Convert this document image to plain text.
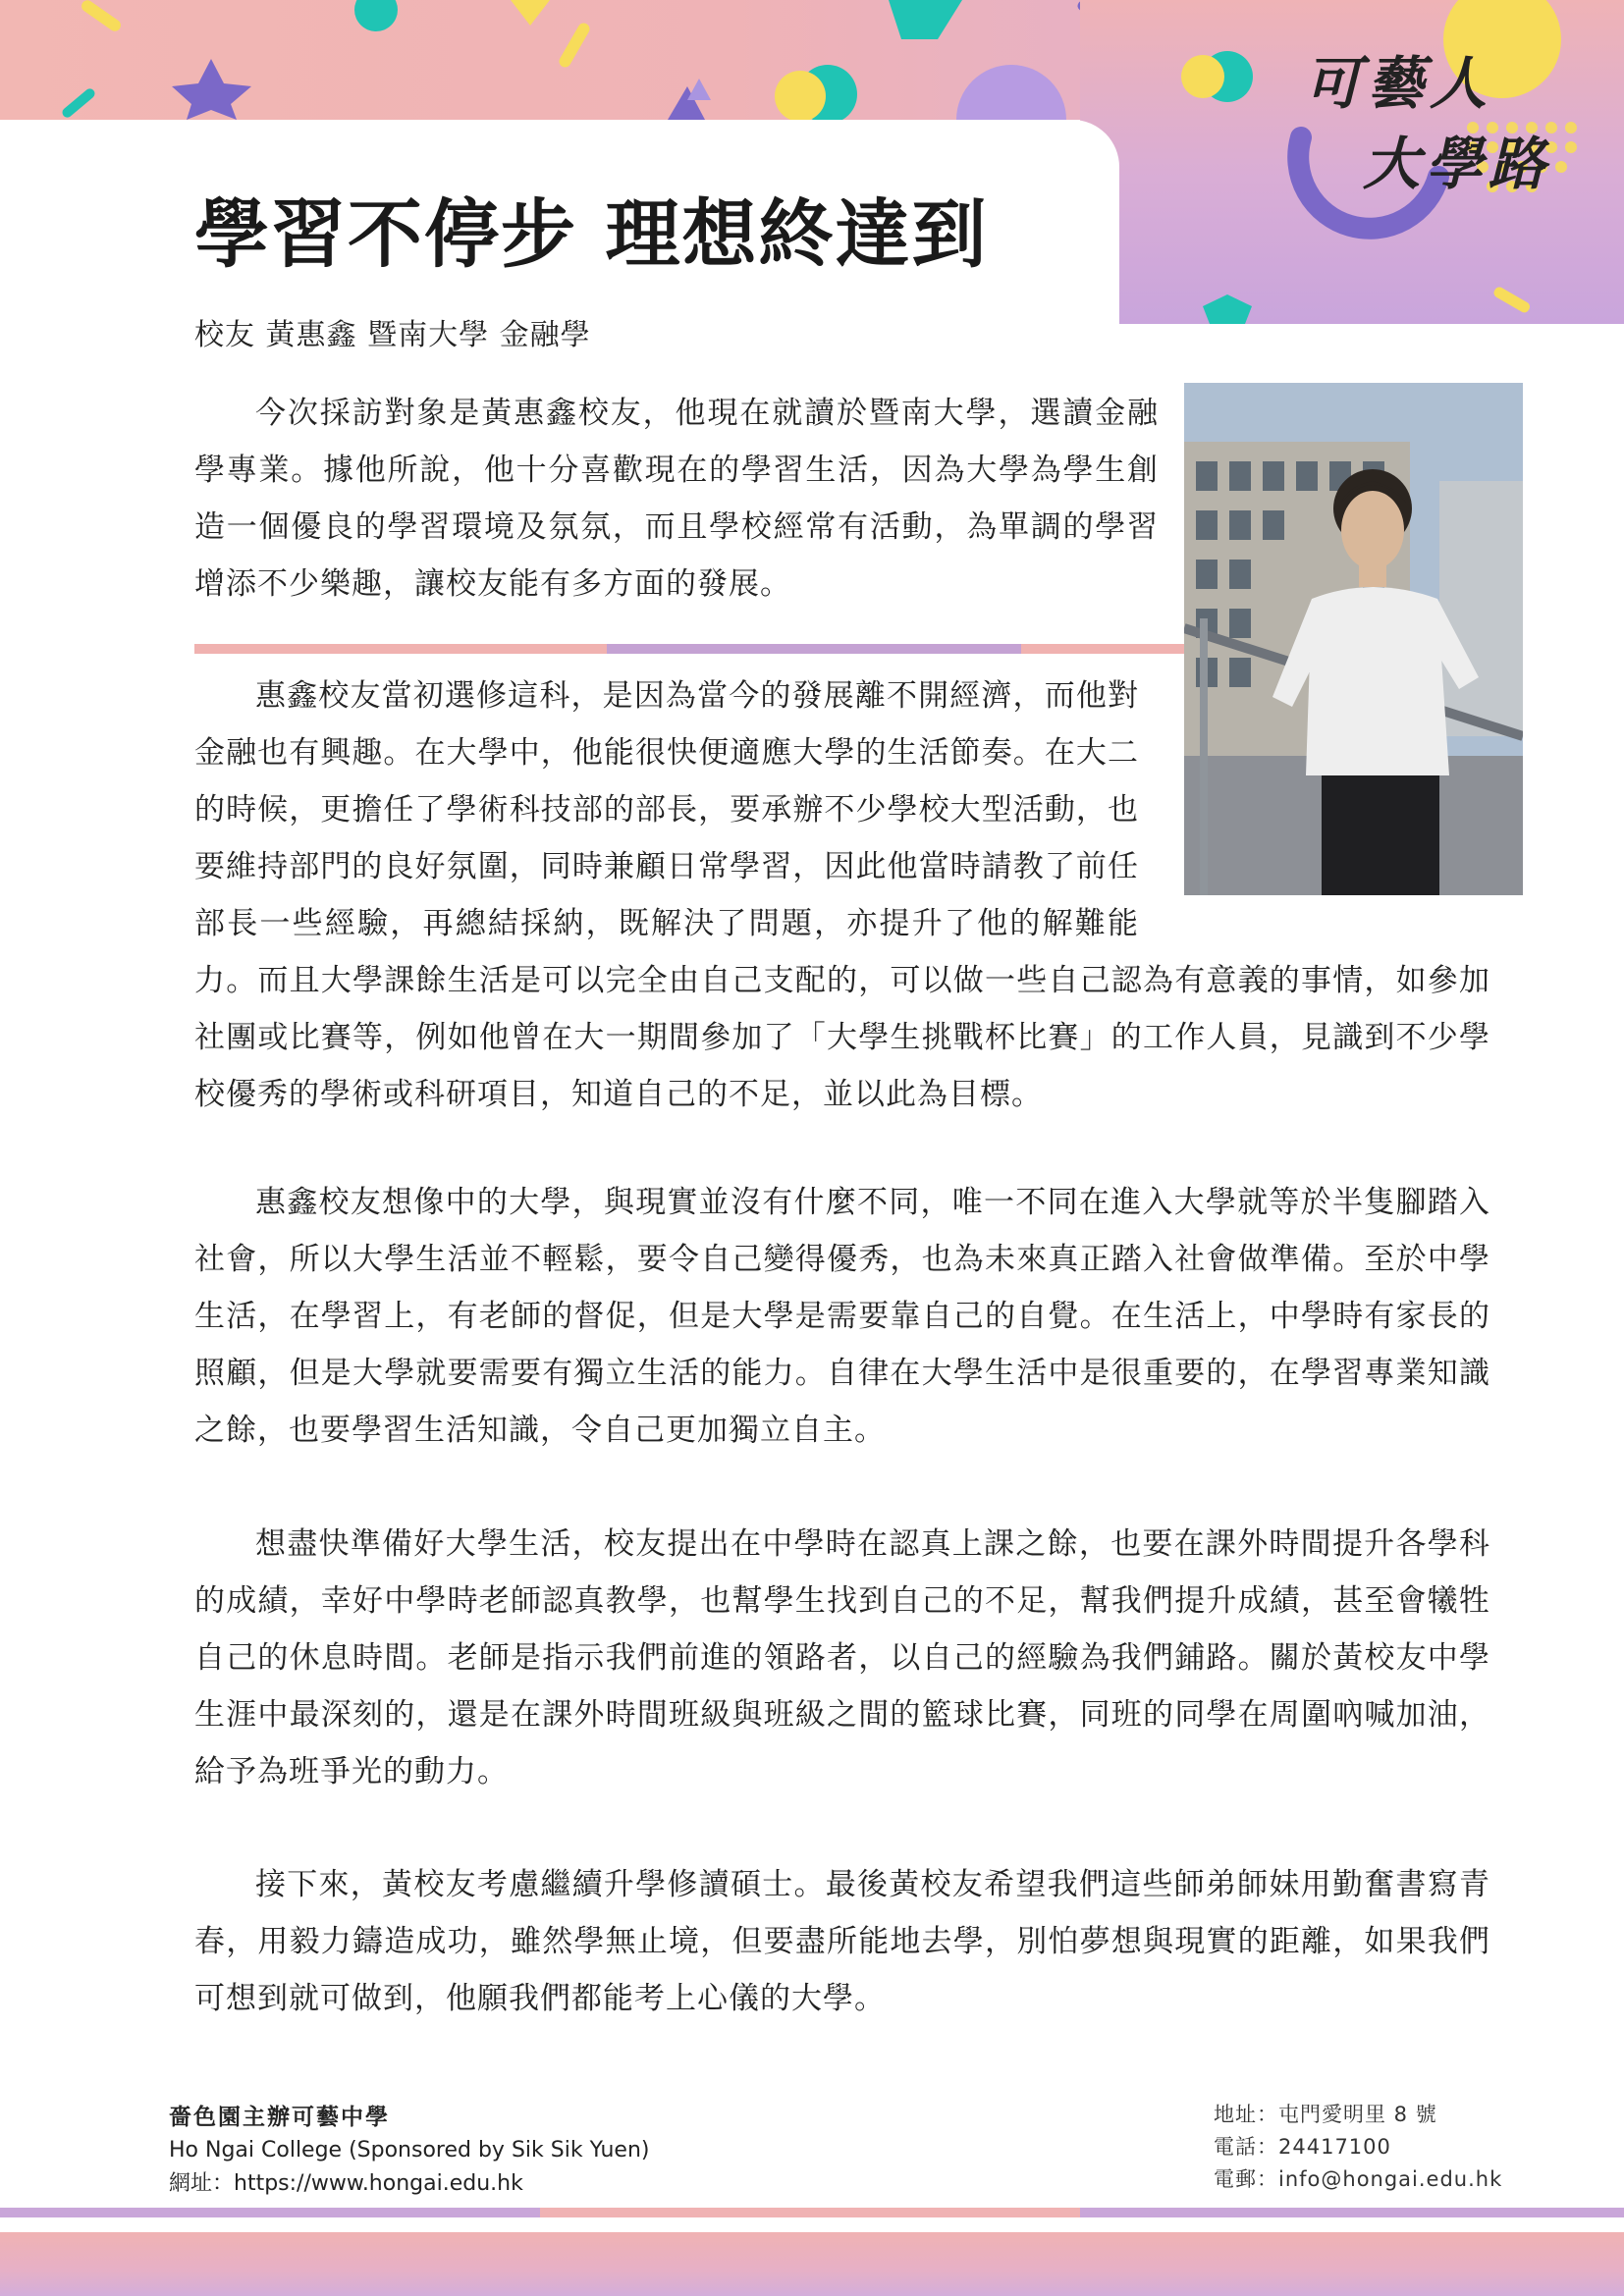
可藝人
大學路
學習不停步 理想終達到
校友 黃惠鑫 暨南大學 金融學

今次採訪對象是黃惠鑫校友，他現在就讀於暨南大學，選讀金融學專業。據他所說，他十分喜歡現在的學習生活，因為大學為學生創造一個優良的學習環境及氛氛，而且學校經常有活動，為單調的學習增添不少樂趣，讓校友能有多方面的發展。

惠鑫校友當初選修這科，是因為當今的發展離不開經濟，而他對金融也有興趣。在大學中，他能很快便適應大學的生活節奏。在大二的時候，更擔任了學術科技部的部長，要承辦不少學校大型活動，也要維持部門的良好氛圍，同時兼顧日常學習，因此他當時請教了前任部長一些經驗，再總結採納，既解決了問題，亦提升了他的解難能力。而且大學課餘生活是可以完全由自己支配的，可以做一些自己認為有意義的事情，如參加社團或比賽等，例如他曾在大一期間參加了「大學生挑戰杯比賽」的工作人員，見識到不少學校優秀的學術或科研項目，知道自己的不足，並以此為目標。

惠鑫校友想像中的大學，與現實並沒有什麼不同，唯一不同在進入大學就等於半隻腳踏入社會，所以大學生活並不輕鬆，要令自己變得優秀，也為未來真正踏入社會做準備。至於中學生活，在學習上，有老師的督促，但是大學是需要靠自己的自覺。在生活上，中學時有家長的照顧，但是大學就要需要有獨立生活的能力。自律在大學生活中是很重要的，在學習專業知識之餘，也要學習生活知識，令自己更加獨立自主。

想盡快準備好大學生活，校友提出在中學時在認真上課之餘，也要在課外時間提升各學科的成績，幸好中學時老師認真教學，也幫學生找到自己的不足，幫我們提升成績，甚至會犧牲自己的休息時間。老師是指示我們前進的領路者，以自己的經驗為我們鋪路。關於黃校友中學生涯中最深刻的，還是在課外時間班級與班級之間的籃球比賽，同班的同學在周圍吶喊加油，給予為班爭光的動力。

接下來，黃校友考慮繼續升學修讀碩士。最後黃校友希望我們這些師弟師妹用勤奮書寫青春，用毅力鑄造成功，雖然學無止境，但要盡所能地去學，別怕夢想與現實的距離，如果我們可想到就可做到，他願我們都能考上心儀的大學。

嗇色園主辦可藝中學
Ho Ngai College (Sponsored by Sik Sik Yuen)
網址：https://www.hongai.edu.hk
地址：屯門愛明里 8 號
電話：24417100
電郵：info@hongai.edu.hk
